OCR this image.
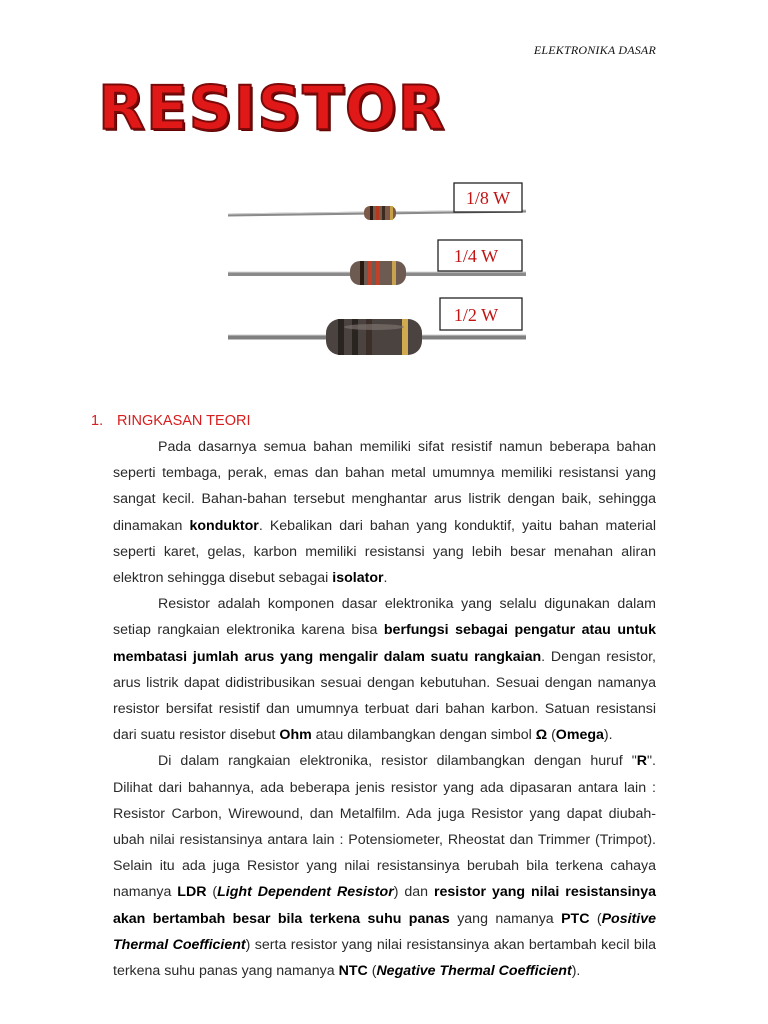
ELEKTRONIKA DASAR
RESISTOR
1/8 W
1/4 W
1/2 W
1. RINGKASAN TEORI

Pada dasarnya semua bahan memiliki sifat resistif namun beberapa bahan seperti tembaga, perak, emas dan bahan metal umumnya memiliki resistansi yang sangat kecil. Bahan-bahan tersebut menghantar arus listrik dengan baik, sehingga dinamakan konduktor. Kebalikan dari bahan yang konduktif, yaitu bahan material seperti karet, gelas, karbon memiliki resistansi yang lebih besar menahan aliran elektron sehingga disebut sebagai isolator.

Resistor adalah komponen dasar elektronika yang selalu digunakan dalam setiap rangkaian elektronika karena bisa berfungsi sebagai pengatur atau untuk membatasi jumlah arus yang mengalir dalam suatu rangkaian. Dengan resistor, arus listrik dapat didistribusikan sesuai dengan kebutuhan. Sesuai dengan namanya resistor bersifat resistif dan umumnya terbuat dari bahan karbon. Satuan resistansi dari suatu resistor disebut Ohm atau dilambangkan dengan simbol Ω (Omega).

Di dalam rangkaian elektronika, resistor dilambangkan dengan huruf "R". Dilihat dari bahannya, ada beberapa jenis resistor yang ada dipasaran antara lain : Resistor Carbon, Wirewound, dan Metalfilm. Ada juga Resistor yang dapat diubah-ubah nilai resistansinya antara lain : Potensiometer, Rheostat dan Trimmer (Trimpot). Selain itu ada juga Resistor yang nilai resistansinya berubah bila terkena cahaya namanya LDR (Light Dependent Resistor) dan resistor yang nilai resistansinya akan bertambah besar bila terkena suhu panas yang namanya PTC (Positive Thermal Coefficient) serta resistor yang nilai resistansinya akan bertambah kecil bila terkena suhu panas yang namanya NTC (Negative Thermal Coefficient).
